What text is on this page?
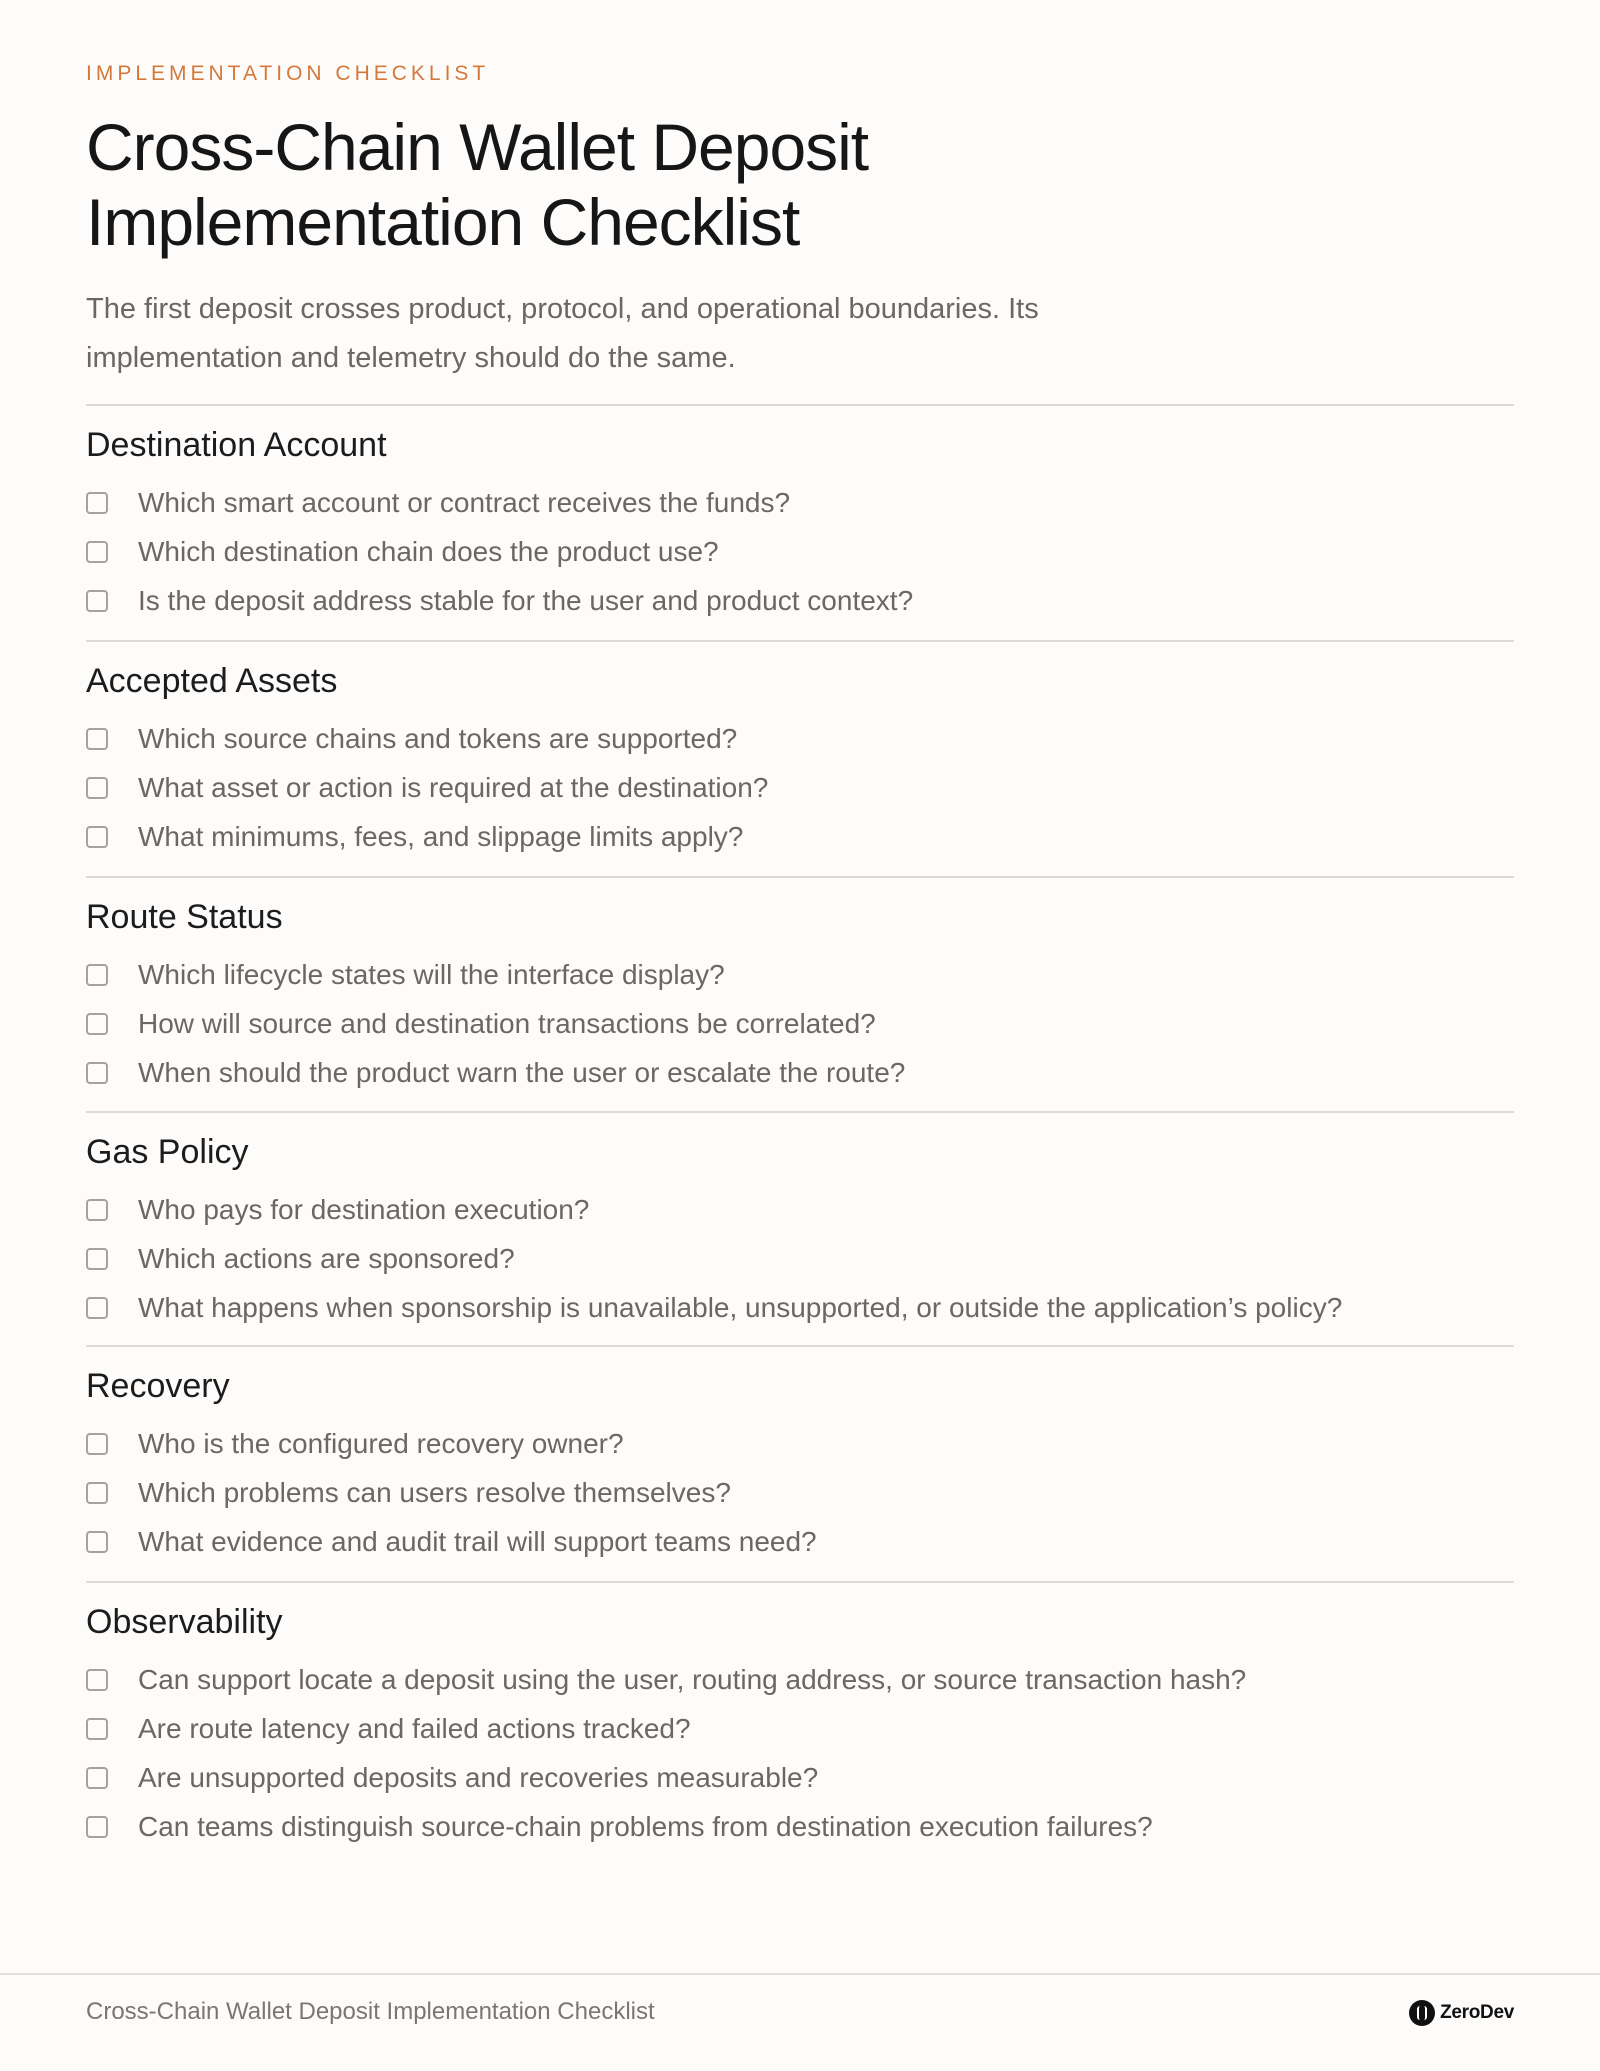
IMPLEMENTATION CHECKLIST
Cross-Chain Wallet Deposit
Implementation Checklist

The first deposit crosses product, protocol, and operational boundaries. Its
implementation and telemetry should do the same.

Destination Account
Which smart account or contract receives the funds?
Which destination chain does the product use?
Is the deposit address stable for the user and product context?
Accepted Assets
Which source chains and tokens are supported?
What asset or action is required at the destination?
What minimums, fees, and slippage limits apply?
Route Status
Which lifecycle states will the interface display?
How will source and destination transactions be correlated?
When should the product warn the user or escalate the route?
Gas Policy
Who pays for destination execution?
Which actions are sponsored?
What happens when sponsorship is unavailable, unsupported, or outside the application’s policy?
Recovery
Who is the configured recovery owner?
Which problems can users resolve themselves?
What evidence and audit trail will support teams need?
Observability
Can support locate a deposit using the user, routing address, or source transaction hash?
Are route latency and failed actions tracked?
Are unsupported deposits and recoveries measurable?
Can teams distinguish source-chain problems from destination execution failures?
Cross-Chain Wallet Deposit Implementation Checklist	ZeroDev
